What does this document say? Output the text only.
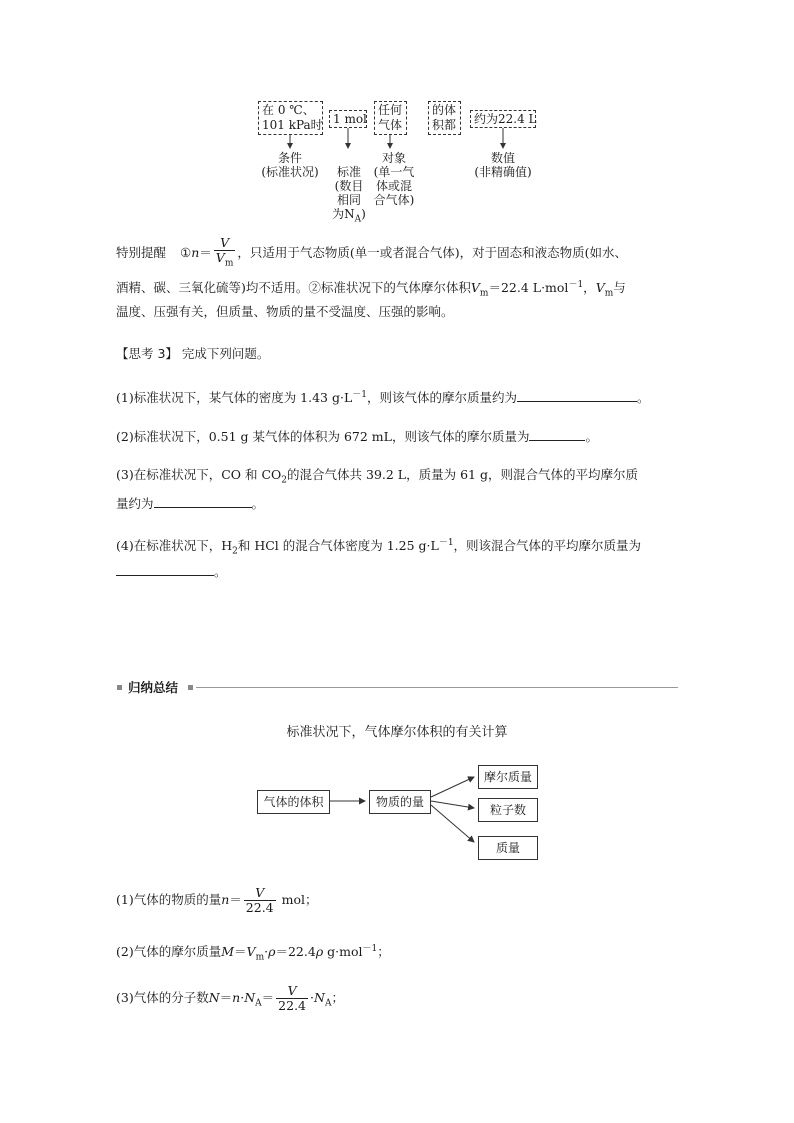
在 0 ℃、
101 kPa时 1 mol
任何
气体
的体
积都 约为22.4 L
条件
(标准状况)	标准
(数目
相同
为$N_A$)

对象
(单一气
体或混
合气体)
数值
(非精确值)
特别提醒 ①n＝ $\frac{V}{V_m}$ ，只适用于气态物质(单一或者混合气体)，对于固态和液态物质(如水、
酒精、碳、三氧化硫等)均不适用。②标准状况下的气体摩尔体积$V_m=22.4$ L·mol$^{-1}$，$V_m$与
温度、压强有关，但质量、物质的量不受温度、压强的影响。
【思考 3】 完成下列问题。
(1)标准状况下，某气体的密度为 1.43 $g\cdot L^{-1}$，则该气体的摩尔质量约为	。
(2)标准状况下，0.51 g 某气体的体积为 672 mL，则该气体的摩尔质量为	。
(3)在标准状况下，CO 和 $CO_2$的混合气体共 39.2 L，质量为 61 g，则混合气体的平均摩尔质
量约为	。
(4)在标准状况下，$H_2$和 HCl 的混合气体密度为 1.25 $g\cdot L^{-1}$，则该混合气体的平均摩尔质量为
。
归纳总结
标准状况下，气体摩尔体积的有关计算
气体的体积	物质的量
摩尔质量
粒子数
质量
(1)气体的物质的量$n= \frac{V}{22.4}$ mol；
(2)气体的摩尔质量$M=V_m\cdot\rho=22.4\rho$ g·mol$^{-1}$；
(3)气体的分子数$N=n\cdot N_A= \frac{V}{22.4} \cdot N_A$；
